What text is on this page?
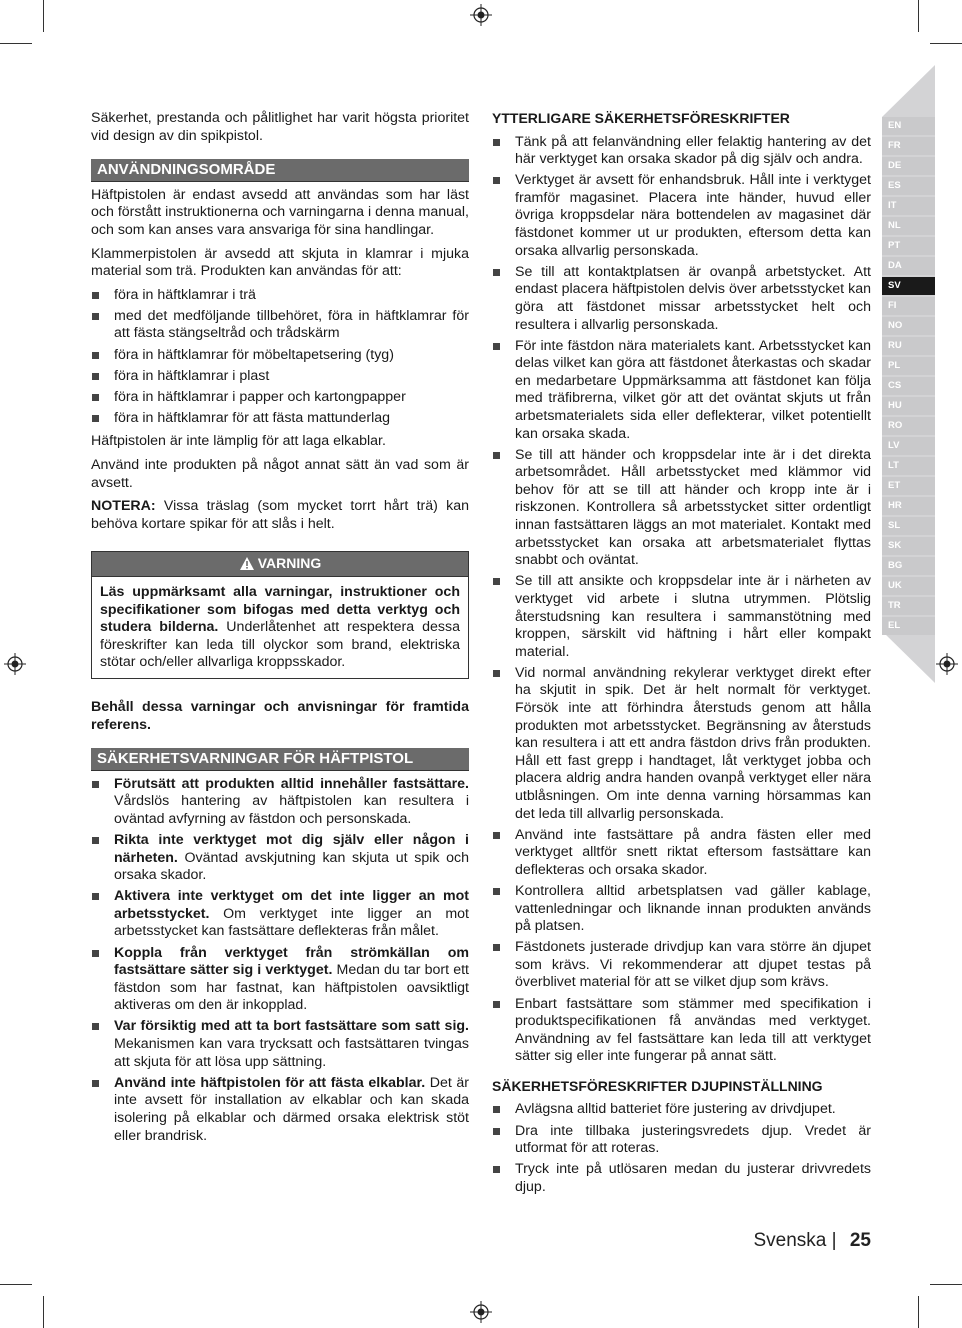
EN
FR
DE
ES
IT
NL
PT
DA
SV
FI
NO
RU
PL
CS
HU
RO
LV
LT
ET
HR
SL
SK
BG
UK
TR
EL

Säkerhet, prestanda och pålitlighet har varit högsta prioritet vid design av din spikpistol.

ANVÄNDNINGSOMRÅDE

Häftpistolen är endast avsedd att användas som har läst och förstått instruktionerna och varningarna i denna manual, och som kan anses vara ansvariga för sina handlingar.

Klammerpistolen är avsedd att skjuta in klamrar i mjuka material som trä. Produkten kan användas för att:

föra in häftklamrar i trä
med det medföljande tillbehöret, föra in häftklamrar för att fästa stängseltråd och trådskärm
föra in häftklamrar för möbeltapetsering (tyg)
föra in häftklamrar i plast
föra in häftklamrar i papper och kartongpapper
föra in häftklamrar för att fästa mattunderlag

Häftpistolen är inte lämplig för att laga elkablar.

Använd inte produkten på något annat sätt än vad som är avsett.

NOTERA: Vissa träslag (som mycket torrt hårt trä) kan behöva kortare spikar för att slås i helt.

VARNING

Läs uppmärksamt alla varningar, instruktioner och specifikationer som bifogas med detta verktyg och studera bilderna. Underlåtenhet att respektera dessa föreskrifter kan leda till olyckor som brand, elektriska stötar och/eller allvarliga kroppsskador.

Behåll dessa varningar och anvisningar för framtida referens.

SÄKERHETSVARNINGAR FÖR HÄFTPISTOL
Förutsätt att produkten alltid innehåller fastsättare. Vårdslös hantering av häftpistolen kan resultera i oväntad avfyrning av fästdon och personskada.
Rikta inte verktyget mot dig själv eller någon i närheten. Oväntad avskjutning kan skjuta ut spik och orsaka skador.
Aktivera inte verktyget om det inte ligger an mot arbetsstycket. Om verktyget inte ligger an mot arbetsstycket kan fastsättare deflekteras från målet.
Koppla från verktyget från strömkällan om fastsättare sätter sig i verktyget. Medan du tar bort ett fästdon som har fastnat, kan häftpistolen oavsiktligt aktiveras om den är inkopplad.
Var försiktig med att ta bort fastsättare som satt sig. Mekanismen kan vara trycksatt och fastsättaren tvingas att skjuta för att lösa upp sättning.
Använd inte häftpistolen för att fästa elkablar. Det är inte avsett för installation av elkablar och kan skada isolering på elkablar och därmed orsaka elektrisk stöt eller brandrisk.
YTTERLIGARE SÄKERHETSFÖRESKRIFTER
Tänk på att felanvändning eller felaktig hantering av det här verktyget kan orsaka skador på dig själv och andra.
Verktyget är avsett för enhandsbruk. Håll inte i verktyget framför magasinet. Placera inte händer, huvud eller övriga kroppsdelar nära bottendelen av magasinet där fästdonet kommer ut ur produkten, eftersom detta kan orsaka allvarlig personskada.
Se till att kontaktplatsen är ovanpå arbetstycket. Att endast placera häftpistolen delvis över arbetsstycket kan göra att fästdonet missar arbetsstycket helt och resultera i allvarlig personskada.
För inte fästdon nära materialets kant. Arbetsstycket kan delas vilket kan göra att fästdonet återkastas och skadar en medarbetare Uppmärksamma att fästdonet kan följa med träfibrerna, vilket gör att det oväntat skjuts ut från arbetsmaterialets sida eller deflekterar, vilket potentiellt kan orsaka skada.
Se till att händer och kroppsdelar inte är i det direkta arbetsområdet. Håll arbetsstycket med klämmor vid behov för att se till att händer och kropp inte är i riskzonen. Kontrollera så arbetsstycket sitter ordentligt innan fastsättaren läggs an mot materialet. Kontakt med arbetsstycket kan orsaka att arbetsmaterialet flyttas snabbt och oväntat.
Se till att ansikte och kroppsdelar inte är i närheten av verktyget vid arbete i slutna utrymmen. Plötslig återstudsning kan resultera i sammanstötning med kroppen, särskilt vid häftning i hårt eller kompakt material.
Vid normal användning rekylerar verktyget direkt efter ha skjutit in spik. Det är helt normalt för verktyget. Försök inte att förhindra återstuds genom att hålla produkten mot arbetsstycket. Begränsning av återstuds kan resultera i att ett andra fästdon drivs från produkten. Håll ett fast grepp i handtaget, låt verktyget jobba och placera aldrig andra handen ovanpå verktyget eller nära utblåsningen. Om inte denna varning hörsammas kan det leda till allvarlig personskada.
Använd inte fastsättare på andra fästen eller med verktyget alltför snett riktat eftersom fastsättare kan deflekteras och orsaka skador.
Kontrollera alltid arbetsplatsen vad gäller kablage, vattenledningar och liknande innan produkten används på platsen.
Fästdonets justerade drivdjup kan vara större än djupet som krävs. Vi rekommenderar att djupet testas på överblivet material för att se vilket djup som krävs.
Enbart fastsättare som stämmer med specifikation i produktspecifikationen få användas med verktyget. Användning av fel fastsättare kan leda till att verktyget sätter sig eller inte fungerar på annat sätt.
SÄKERHETSFÖRESKRIFTER DJUPINSTÄLLNING
Avlägsna alltid batteriet före justering av drivdjupet.
Dra inte tillbaka justeringsvredets djup. Vredet är utformat för att roteras.
Tryck inte på utlösaren medan du justerar drivvredets djup.
Svenska | 25
